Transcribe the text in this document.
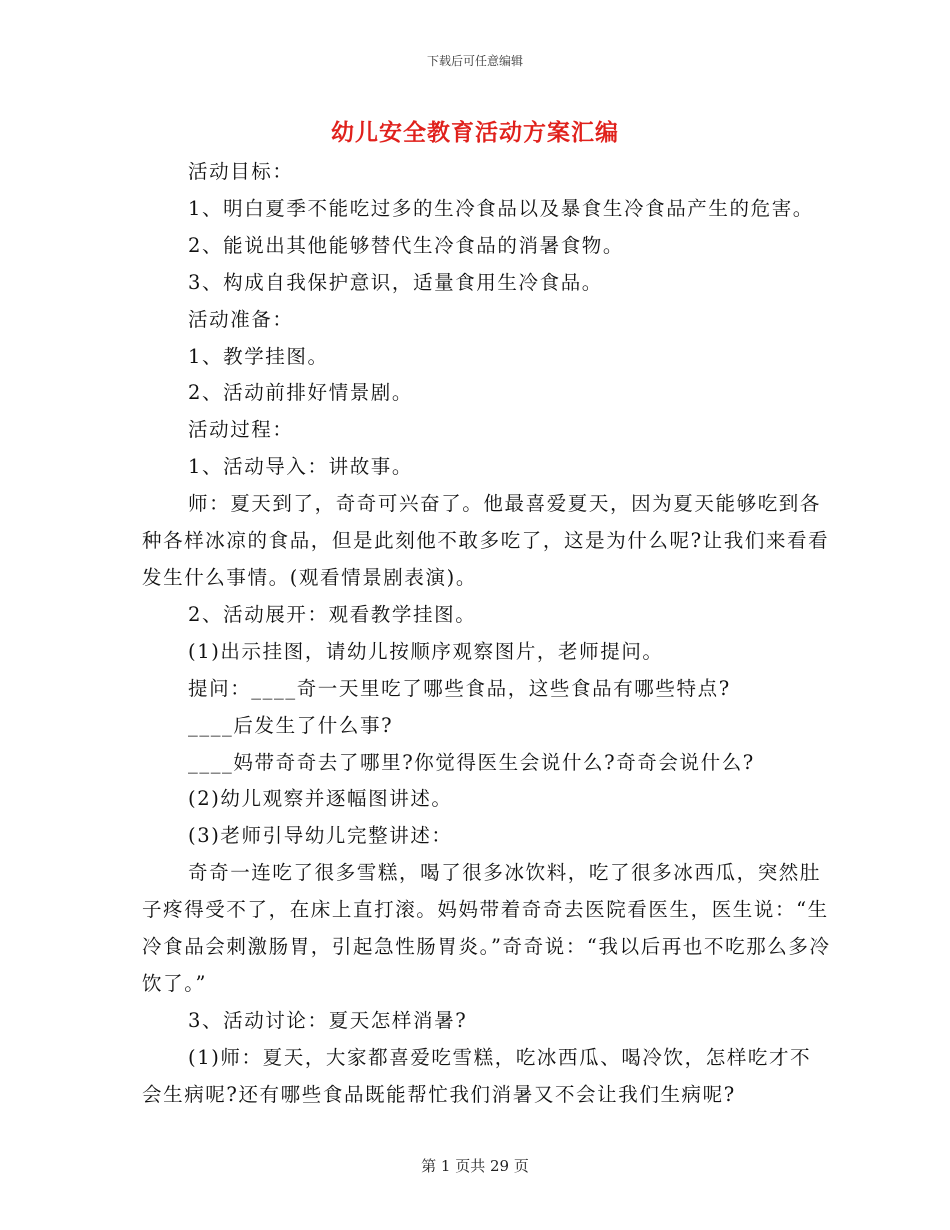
下载后可任意编辑
幼儿安全教育活动方案汇编

活动目标：

1、明白夏季不能吃过多的生冷食品以及暴食生冷食品产生的危害。

2、能说出其他能够替代生冷食品的消暑食物。

3、构成自我保护意识，适量食用生冷食品。

活动准备：

1、教学挂图。

2、活动前排好情景剧。

活动过程：

1、活动导入：讲故事。

师：夏天到了，奇奇可兴奋了。他最喜爱夏天，因为夏天能够吃到各种各样冰凉的食品，但是此刻他不敢多吃了，这是为什么呢?让我们来看看发生什么事情。(观看情景剧表演)。

2、活动展开：观看教学挂图。

(1)出示挂图，请幼儿按顺序观察图片，老师提问。

提问：____奇一天里吃了哪些食品，这些食品有哪些特点?

____后发生了什么事?

____妈带奇奇去了哪里?你觉得医生会说什么?奇奇会说什么?

(2)幼儿观察并逐幅图讲述。

(3)老师引导幼儿完整讲述：

奇奇一连吃了很多雪糕，喝了很多冰饮料，吃了很多冰西瓜，突然肚子疼得受不了，在床上直打滚。妈妈带着奇奇去医院看医生，医生说：“生冷食品会刺激肠胃，引起急性肠胃炎。”奇奇说：“我以后再也不吃那么多冷饮了。”

3、活动讨论：夏天怎样消暑?

(1)师：夏天，大家都喜爱吃雪糕，吃冰西瓜、喝冷饮，怎样吃才不会生病呢?还有哪些食品既能帮忙我们消暑又不会让我们生病呢?

第 1 页共 29 页
